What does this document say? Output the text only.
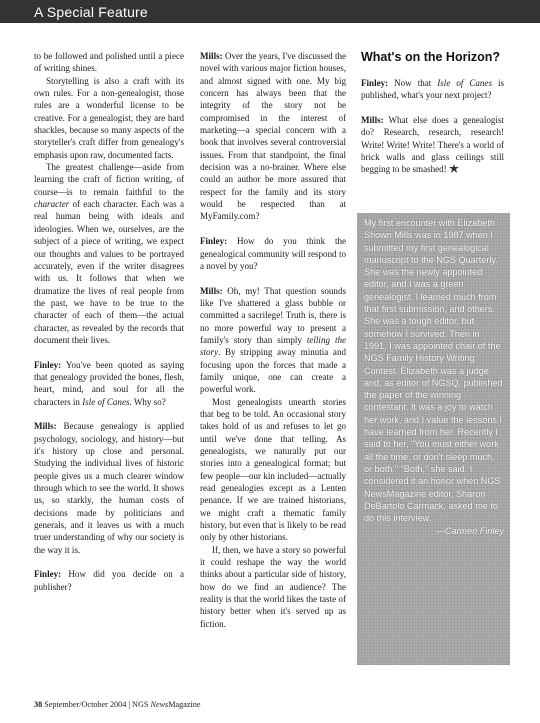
A Special Feature

to be followed and polished until a piece of writing shines.

Storytelling is also a craft with its own rules. For a non-genealogist, those rules are a wonderful license to be creative. For a genealogist, they are hard shackles, because so many aspects of the storyteller's craft differ from genealogy's emphasis upon raw, documented facts.

The greatest challenge—aside from learning the craft of fiction writing, of course—is to remain faithful to the character of each character. Each was a real human being with ideals and ideologies. When we, ourselves, are the subject of a piece of writing, we expect our thoughts and values to be portrayed accurately, even if the writer disagrees with us. It follows that when we dramatize the lives of real people from the past, we have to be true to the character of each of them—the actual character, as revealed by the records that document their lives.

Finley: You've been quoted as saying that genealogy provided the bones, flesh, heart, mind, and soul for all the characters in Isle of Canes. Why so?

Mills: Because genealogy is applied psychology, sociology, and history—but it's history up close and personal. Studying the individual lives of historic people gives us a much clearer window through which to see the world. It shows us, so starkly, the human costs of decisions made by politicians and generals, and it leaves us with a much truer understanding of why our society is the way it is.

Finley: How did you decide on a publisher?

Mills: Over the years, I've discussed the novel with various major fiction houses, and almost signed with one. My big concern has always been that the integrity of the story not be compromised in the interest of marketing—a special concern with a book that involves several controversial issues. From that standpoint, the final decision was a no-brainer. Where else could an author be more assured that respect for the family and its story would be respected than at MyFamily.com?

Finley: How do you think the genealogical community will respond to a novel by you?

Mills: Oh, my! That question sounds like I've shattered a glass bubble or committed a sacrilege! Truth is, there is no more powerful way to present a family's story than simply telling the story. By stripping away minutia and focusing upon the forces that made a family unique, one can create a powerful work.

Most genealogists unearth stories that beg to be told. An occasional story takes hold of us and refuses to let go until we've done that telling. As genealogists, we naturally put our stories into a genealogical format; but few people—our kin included—actually read genealogies except as a Lenten penance. If we are trained historians, we might craft a thematic family history, but even that is likely to be read only by other historians.

If, then, we have a story so powerful it could reshape the way the world thinks about a particular side of history, how do we find an audience? The reality is that the world likes the taste of history better when it's served up as fiction.

What's on the Horizon?

Finley: Now that Isle of Canes is published, what's your next project?

Mills: What else does a genealogist do? Research, research, research! Write! Write! Write! There's a world of brick walls and glass ceilings still begging to be smashed!

My first encounter with Elizabeth Shown Mills was in 1987 when I submitted my first genealogical manuscript to the NGS Quarterly. She was the newly appointed editor, and I was a green genealogist. I learned much from that first submission, and others. She was a tough editor, but somehow I survived. Then in 1991, I was appointed chair of the NGS Family History Writing Contest. Elizabeth was a judge and, as editor of NGSQ, published the paper of the winning contestant. It was a joy to watch her work, and I value the lessons I have learned from her. Recently I said to her, "You must either work all the time, or don't sleep much, or both." "Both," she said. I considered it an honor when NGS NewsMagazine editor, Sharon DeBartolo Carmack, asked me to do this interview.

—Carmen Finley

38 September/October 2004 | NGS NewsMagazine
